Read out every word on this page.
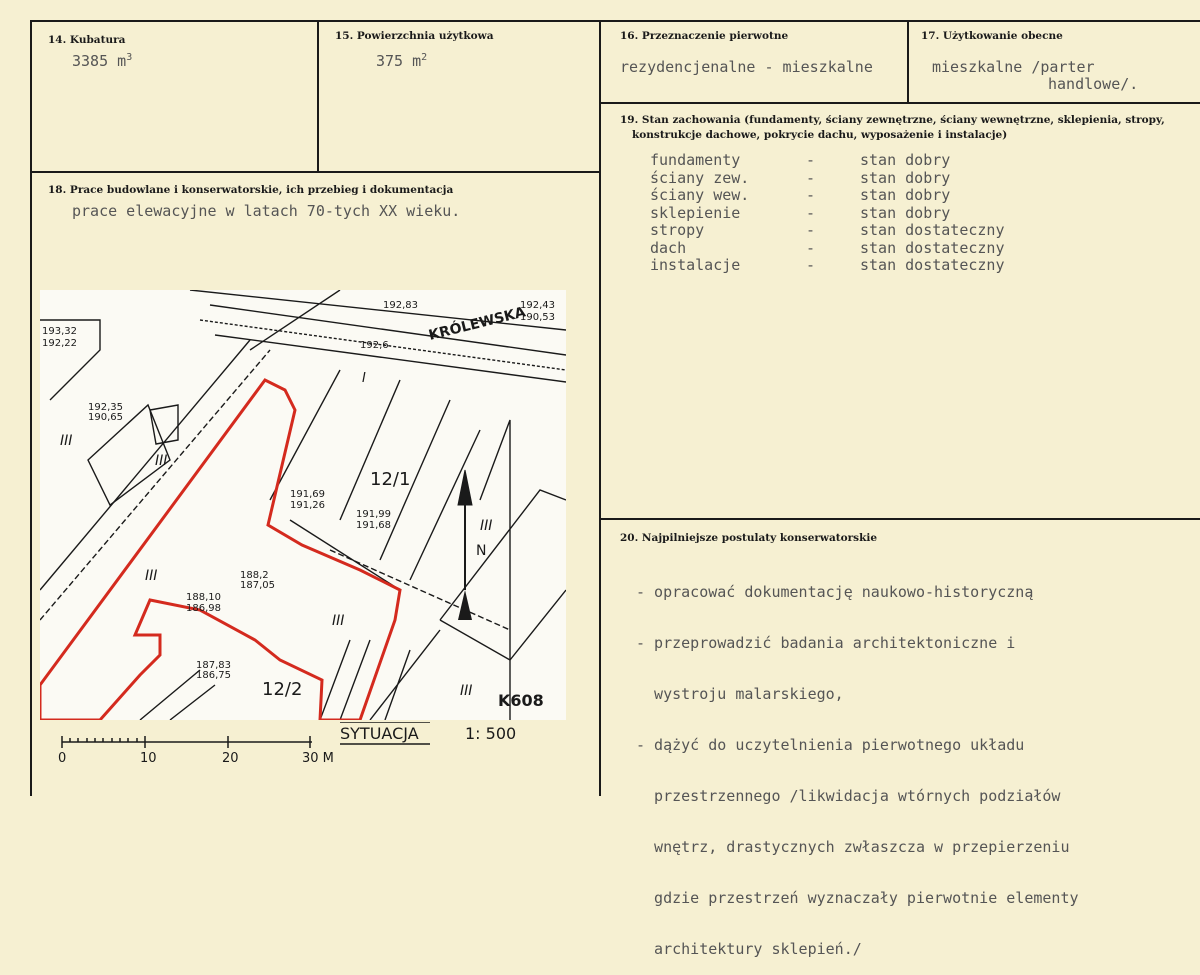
14. Kubatura
3385 $m^3$
15. Powierzchnia użytkowa
375 $m^2$
16. Przeznaczenie pierwotne
rezydencjenalne - mieszkalne
17. Użytkowanie obecne
mieszkalne /parter
handlowe/.
18. Prace budowlane i konserwatorskie, ich przebieg i dokumentacja
prace elewacyjne w latach 70-tych XX wieku.
19. Stan zachowania (fundamenty, ściany zewnętrzne, ściany wewnętrzne, sklepienia, stropy,
konstrukcje dachowe, pokrycie dachu, wyposażenie i instalacje)
fundamenty	-	stan dobry
ściany zew.	-	stan dobry
ściany wew.	-	stan dobry
sklepienie	-	stan dobry
stropy	-	stan dostateczny
dach	-	stan dostateczny
instalacje	-	stan dostateczny
20. Najpilniejsze postulaty konserwatorskie

- opracować dokumentację naukowo-historyczną

- przeprowadzić badania architektoniczne i

wystroju malarskiego,

- dążyć do uczytelnienia pierwotnego układu

przestrzennego /likwidacja wtórnych podziałów

wnętrz, drastycznych zwłaszcza w przepierzeniu

gdzie przestrzeń wyznaczały pierwotnie elementy

architektury sklepień./

KRÓLEWSKA
N
12/1
12/2
K608
III
III
III
III
III
III
I
192,35
190,65
191,69
191,26
191,99
191,68
188,10
186,98
187,83
186,75
188,2
187,05
192,83
192,6
192,43
190,53
193,32
192,22
0	10	20	30 M
SYTUACJA	1: 500
